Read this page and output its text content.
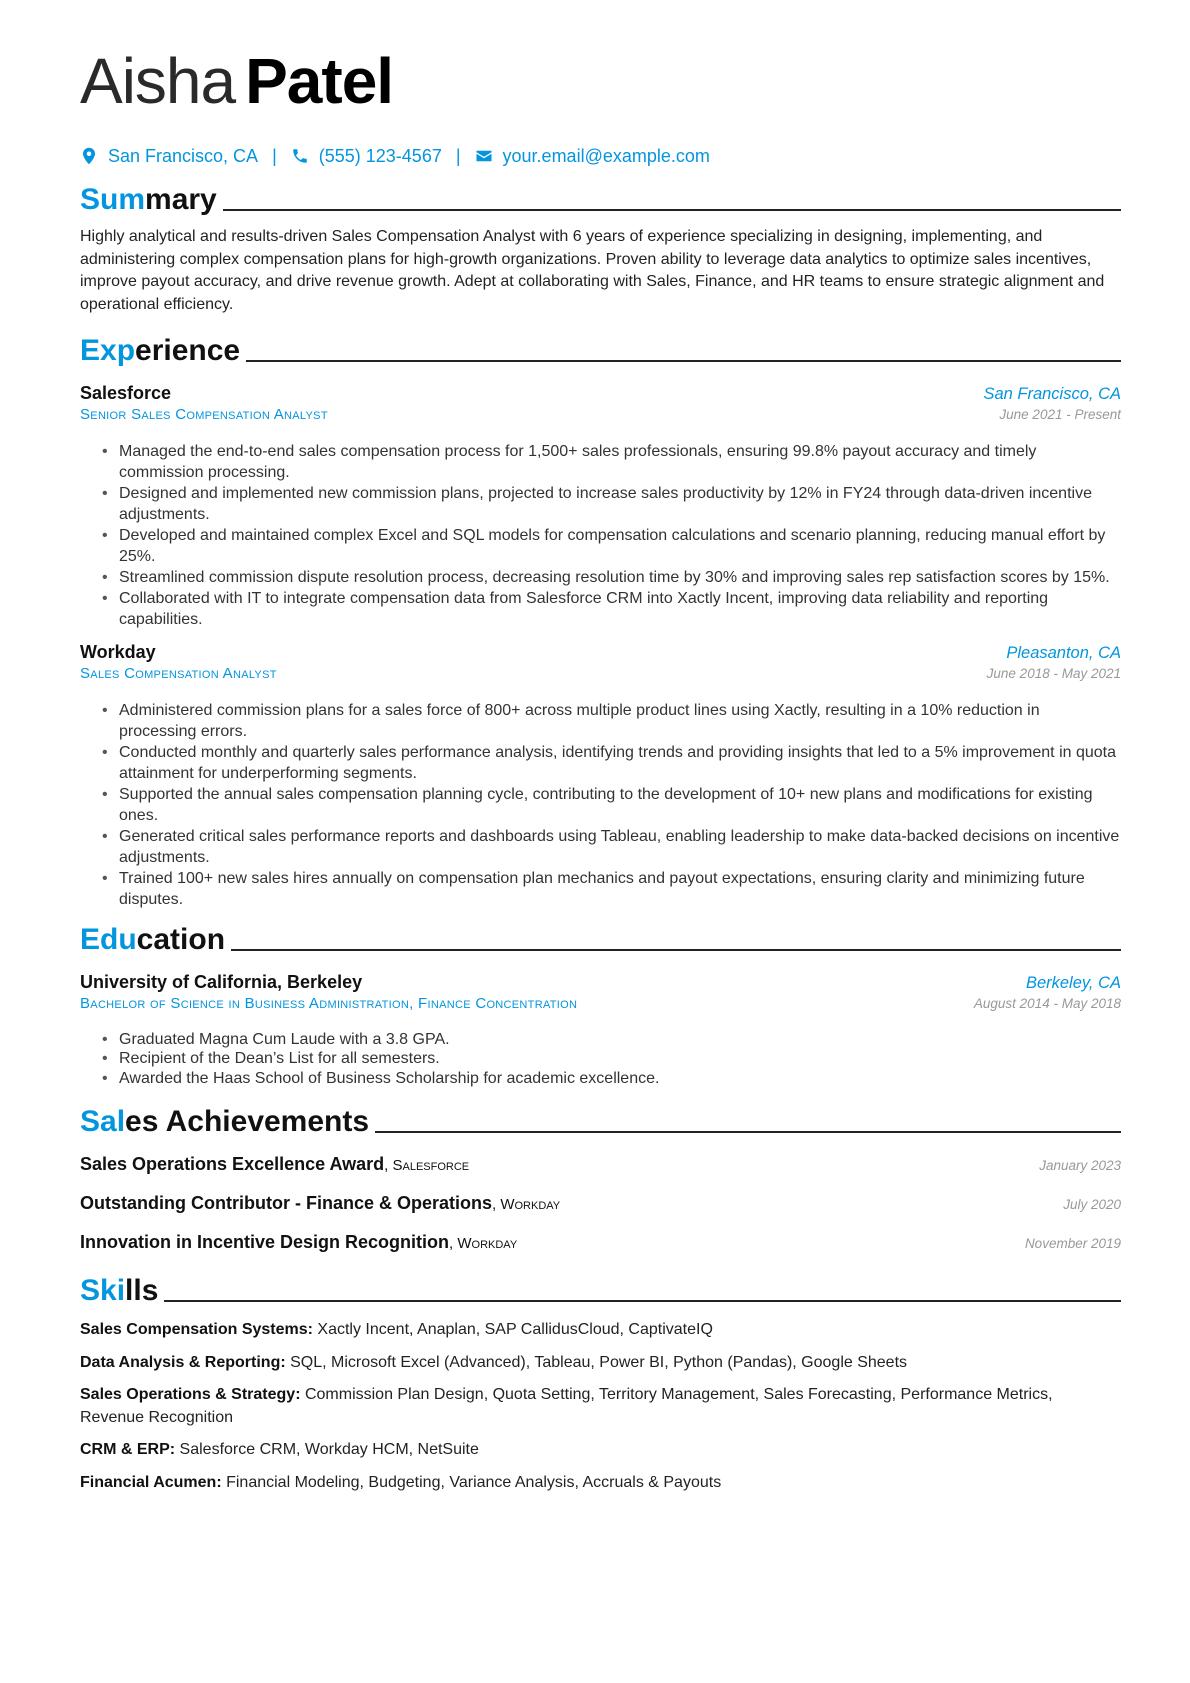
Aisha Patel
San Francisco, CA | (555) 123-4567 | your.email@example.com
Summary

Highly analytical and results-driven Sales Compensation Analyst with 6 years of experience specializing in designing, implementing, and administering complex compensation plans for high-growth organizations. Proven ability to leverage data analytics to optimize sales incentives, improve payout accuracy, and drive revenue growth. Adept at collaborating with Sales, Finance, and HR teams to ensure strategic alignment and operational efficiency.

Experience
Salesforce	San Francisco, CA
Senior Sales Compensation Analyst	June 2021 - Present
• Managed the end-to-end sales compensation process for 1,500+ sales professionals, ensuring 99.8% payout accuracy and timely commission processing.
• Designed and implemented new commission plans, projected to increase sales productivity by 12% in FY24 through data-driven incentive adjustments.
• Developed and maintained complex Excel and SQL models for compensation calculations and scenario planning, reducing manual effort by 25%.
• Streamlined commission dispute resolution process, decreasing resolution time by 30% and improving sales rep satisfaction scores by 15%.
• Collaborated with IT to integrate compensation data from Salesforce CRM into Xactly Incent, improving data reliability and reporting capabilities.
Workday	Pleasanton, CA
Sales Compensation Analyst	June 2018 - May 2021
• Administered commission plans for a sales force of 800+ across multiple product lines using Xactly, resulting in a 10% reduction in processing errors.
• Conducted monthly and quarterly sales performance analysis, identifying trends and providing insights that led to a 5% improvement in quota attainment for underperforming segments.
• Supported the annual sales compensation planning cycle, contributing to the development of 10+ new plans and modifications for existing ones.
• Generated critical sales performance reports and dashboards using Tableau, enabling leadership to make data-backed decisions on incentive adjustments.
• Trained 100+ new sales hires annually on compensation plan mechanics and payout expectations, ensuring clarity and minimizing future disputes.
Education
University of California, Berkeley	Berkeley, CA
Bachelor of Science in Business Administration, Finance Concentration	August 2014 - May 2018
• Graduated Magna Cum Laude with a 3.8 GPA.
• Recipient of the Dean’s List for all semesters.
• Awarded the Haas School of Business Scholarship for academic excellence.
Sales Achievements
Sales Operations Excellence Award, Salesforce	January 2023
Outstanding Contributor - Finance & Operations, Workday	July 2020
Innovation in Incentive Design Recognition, Workday	November 2019
Skills
Sales Compensation Systems: Xactly Incent, Anaplan, SAP CallidusCloud, CaptivateIQ
Data Analysis & Reporting: SQL, Microsoft Excel (Advanced), Tableau, Power BI, Python (Pandas), Google Sheets
Sales Operations & Strategy: Commission Plan Design, Quota Setting, Territory Management, Sales Forecasting, Performance Metrics, Revenue Recognition
CRM & ERP: Salesforce CRM, Workday HCM, NetSuite
Financial Acumen: Financial Modeling, Budgeting, Variance Analysis, Accruals & Payouts
